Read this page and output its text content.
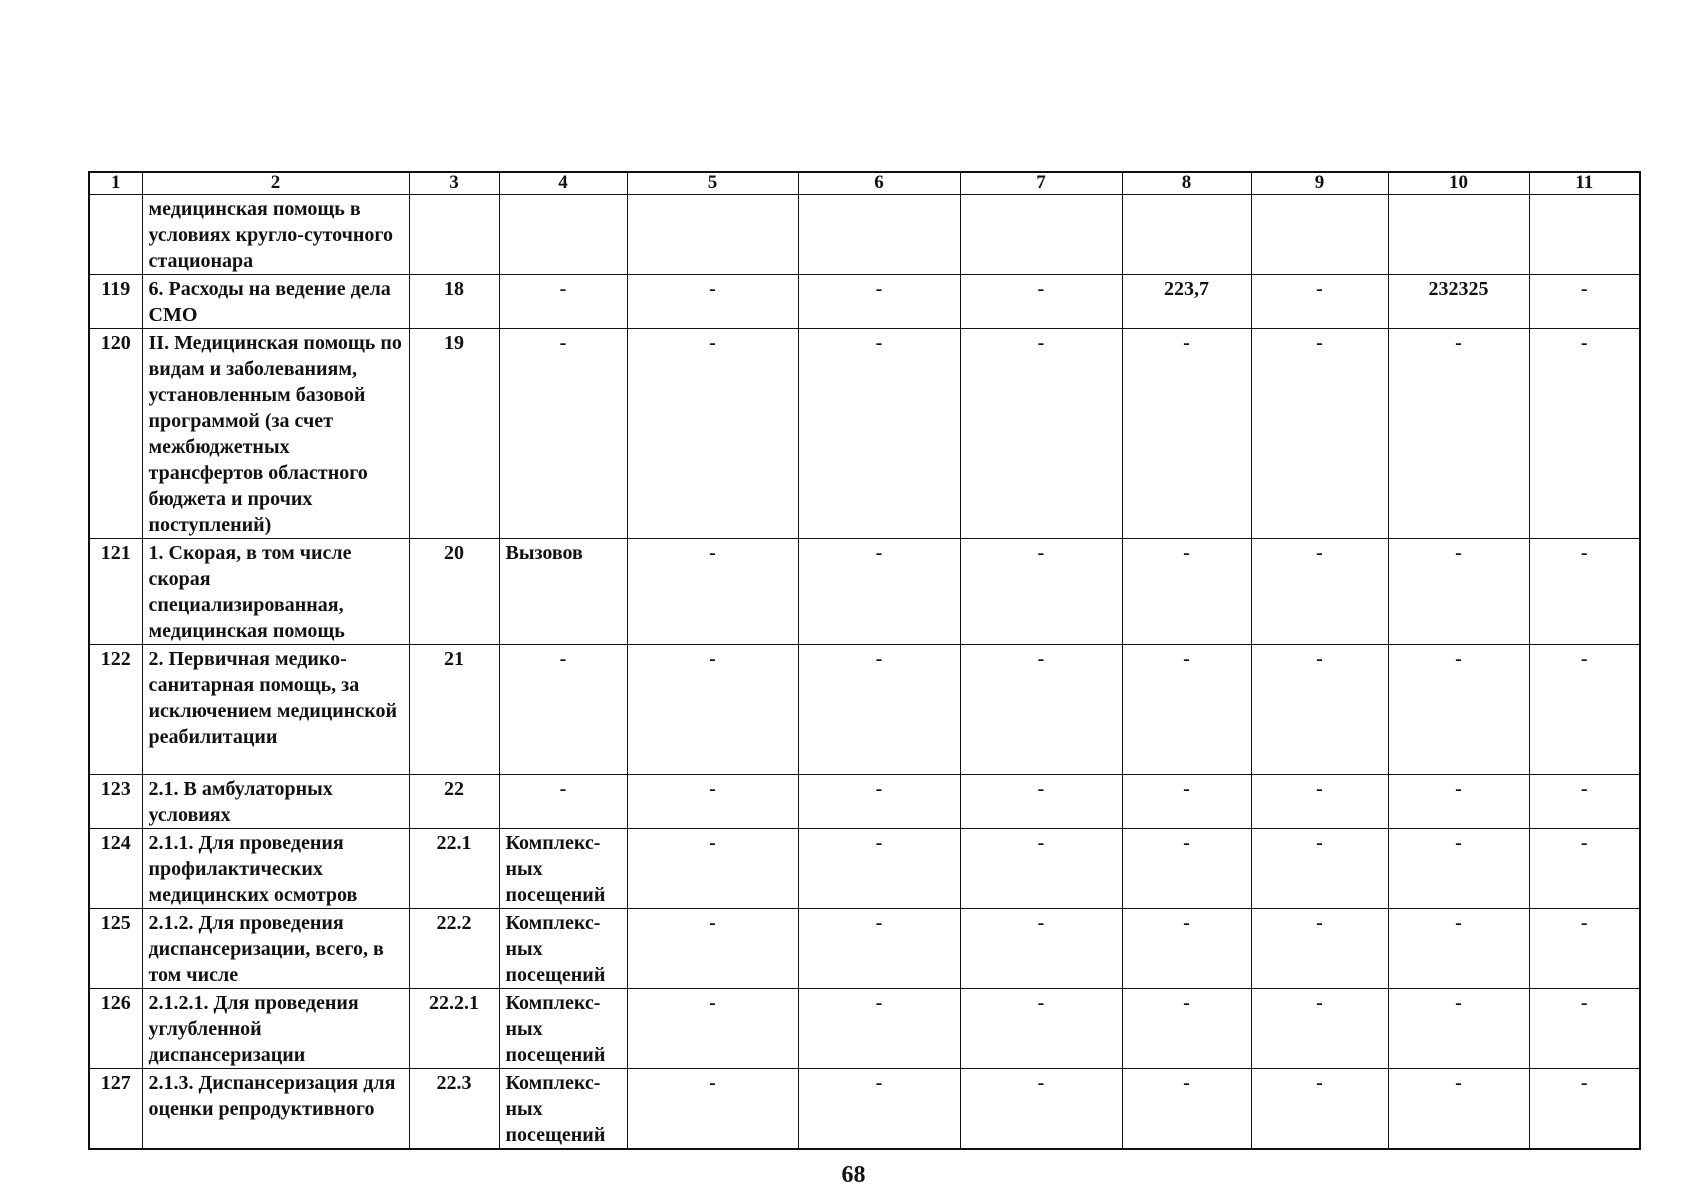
1	2	3	4	5	6	7	8	9	10	11
	медицинская помощь в условиях кругло-суточного стационара									
119	6. Расходы на ведение дела СМО	18	-	-	-	-	223,7	-	232325	-
120	II. Медицинская помощь по видам и заболеваниям, установленным базовой программой (за счет межбюджетных трансфертов областного бюджета и прочих поступлений)	19	-	-	-	-	-	-	-	-
121	1. Скорая, в том числе скорая специализированная, медицинская помощь	20	Вызовов	-	-	-	-	-	-	-
122	2. Первичная медико-санитарная помощь, за исключением медицинской реабилитации	21	-	-	-	-	-	-	-	-
123	2.1. В амбулаторных условиях	22	-	-	-	-	-	-	-	-
124	2.1.1. Для проведения профилактических медицинских осмотров	22.1	Комплекс-ных посещений	-	-	-	-	-	-	-
125	2.1.2. Для проведения диспансеризации, всего, в том числе	22.2	Комплекс-ных посещений	-	-	-	-	-	-	-
126	2.1.2.1. Для проведения углубленной диспансеризации	22.2.1	Комплекс-ных посещений	-	-	-	-	-	-	-
127	2.1.3. Диспансеризация для оценки репродуктивного	22.3	Комплекс-ных посещений	-	-	-	-	-	-	-
68
